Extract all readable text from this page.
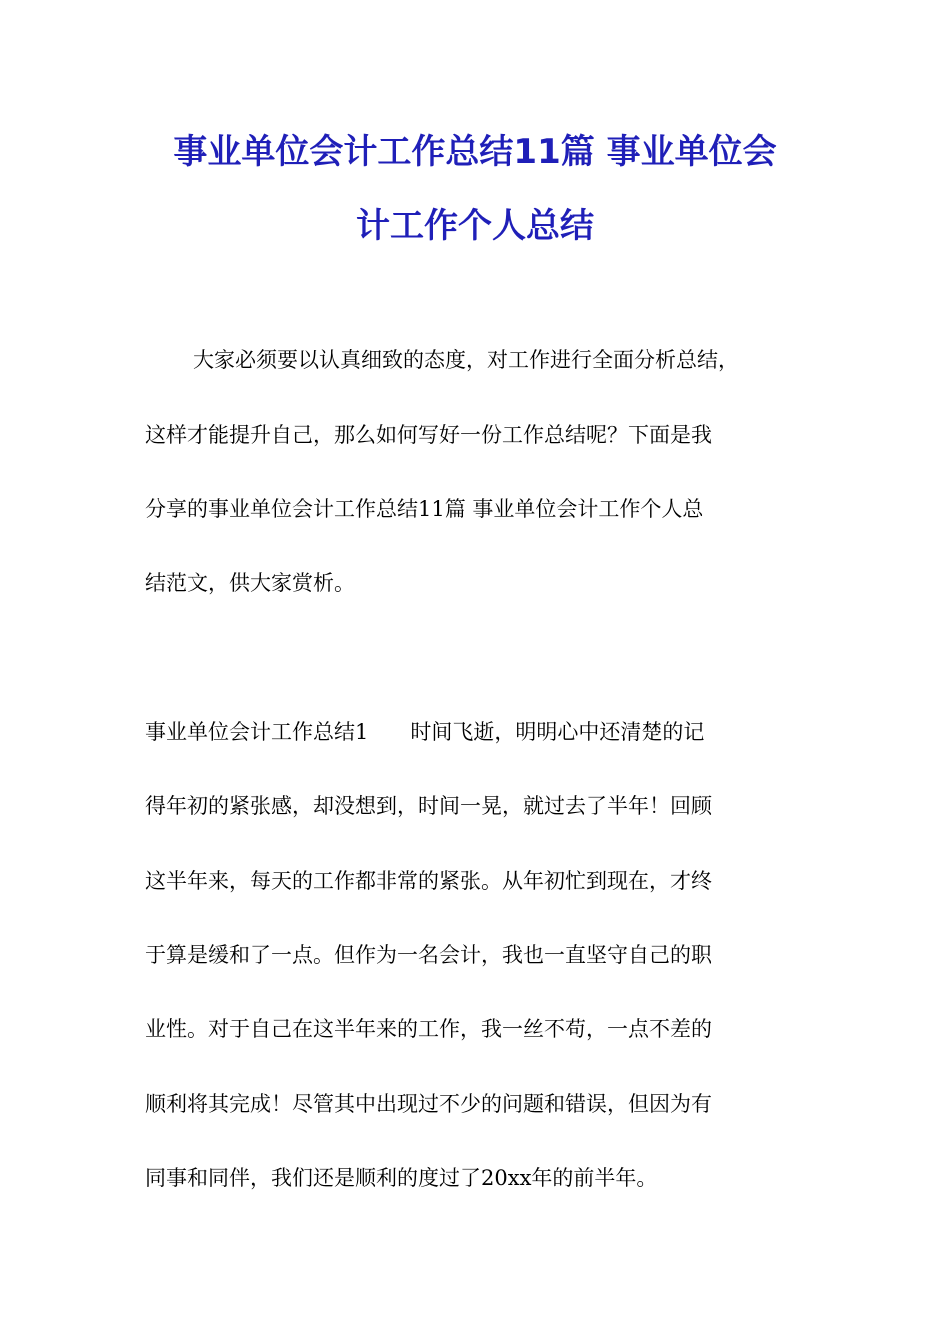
事业单位会计工作总结11篇 事业单位会
计工作个人总结
大家必须要以认真细致的态度，对工作进行全面分析总结，
这样才能提升自己，那么如何写好一份工作总结呢？下面是我
分享的事业单位会计工作总结11篇 事业单位会计工作个人总
结范文，供大家赏析。
事业单位会计工作总结1　　时间飞逝，明明心中还清楚的记
得年初的紧张感，却没想到，时间一晃，就过去了半年！回顾
这半年来，每天的工作都非常的紧张。从年初忙到现在，才终
于算是缓和了一点。但作为一名会计，我也一直坚守自己的职
业性。对于自己在这半年来的工作，我一丝不苟，一点不差的
顺利将其完成！尽管其中出现过不少的问题和错误，但因为有
同事和同伴，我们还是顺利的度过了20xx年的前半年。
